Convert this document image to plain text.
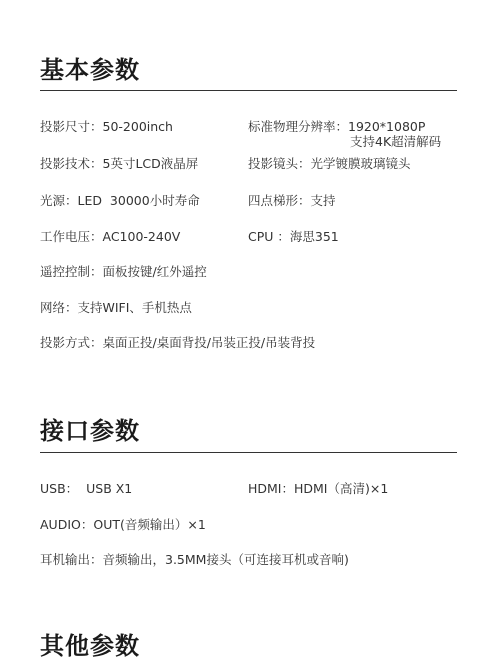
基本参数
投影尺寸：50-200inch	标准物理分辨率：1920*1080P
支持4K超清解码
投影技术：5英寸LCD液晶屏	投影镜头：光学镀膜玻璃镜头
光源：LED  30000小时寿命	四点梯形：支持
工作电压：AC100-240V	CPU ：海思351
遥控控制：面板按键/红外遥控
网络：支持WIFI、手机热点
投影方式：桌面正投/桌面背投/吊装正投/吊装背投
接口参数
USB：  USB X1	HDMI：HDMI（高清)×1
AUDIO：OUT(音频输出）×1
耳机输出：音频输出，3.5MM接头（可连接耳机或音响)
其他参数
